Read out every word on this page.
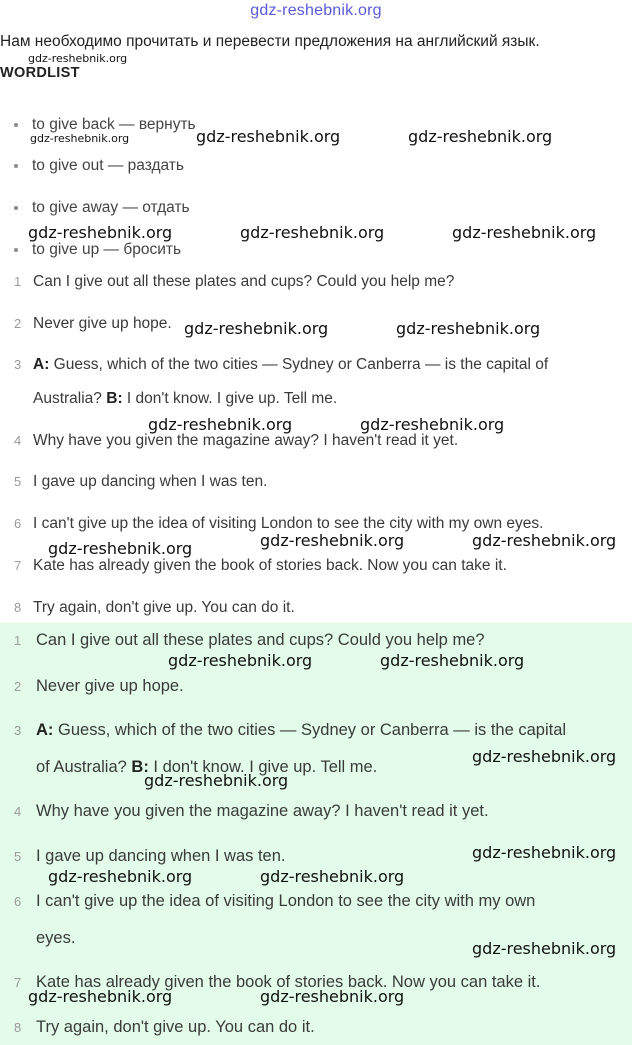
gdz-reshebnik.org
Нам необходимо прочитать и перевести предложения на английский язык.
WORDLIST
to give back — вернуть
to give out — раздать
to give away — отдать
to give up — бросить
1 Can I give out all these plates and cups? Could you help me?
2 Never give up hope.
3 A: Guess, which of the two cities — Sydney or Canberra — is the capital of
Australia? B: I don't know. I give up. Tell me.
4 Why have you given the magazine away? I haven't read it yet.
5 I gave up dancing when I was ten.
6 I can't give up the idea of visiting London to see the city with my own eyes.
7 Kate has already given the book of stories back. Now you can take it.
8 Try again, don't give up. You can do it.
1 Can I give out all these plates and cups? Could you help me?
2 Never give up hope.
3 A: Guess, which of the two cities — Sydney or Canberra — is the capital
of Australia? B: I don't know. I give up. Tell me.
4 Why have you given the magazine away? I haven't read it yet.
5 I gave up dancing when I was ten.
6 I can't give up the idea of visiting London to see the city with my own
eyes.
7 Kate has already given the book of stories back. Now you can take it.
8 Try again, don't give up. You can do it.
gdz-reshebnik.org
gdz-reshebnik.org	gdz-reshebnik.org	gdz-reshebnik.org
gdz-reshebnik.org	gdz-reshebnik.org	gdz-reshebnik.org
gdz-reshebnik.org	gdz-reshebnik.org
gdz-reshebnik.org	gdz-reshebnik.org
gdz-reshebnik.org	gdz-reshebnik.org	gdz-reshebnik.org
gdz-reshebnik.org	gdz-reshebnik.org
gdz-reshebnik.org
gdz-reshebnik.org
gdz-reshebnik.org
gdz-reshebnik.org	gdz-reshebnik.org
gdz-reshebnik.org
gdz-reshebnik.org	gdz-reshebnik.org
